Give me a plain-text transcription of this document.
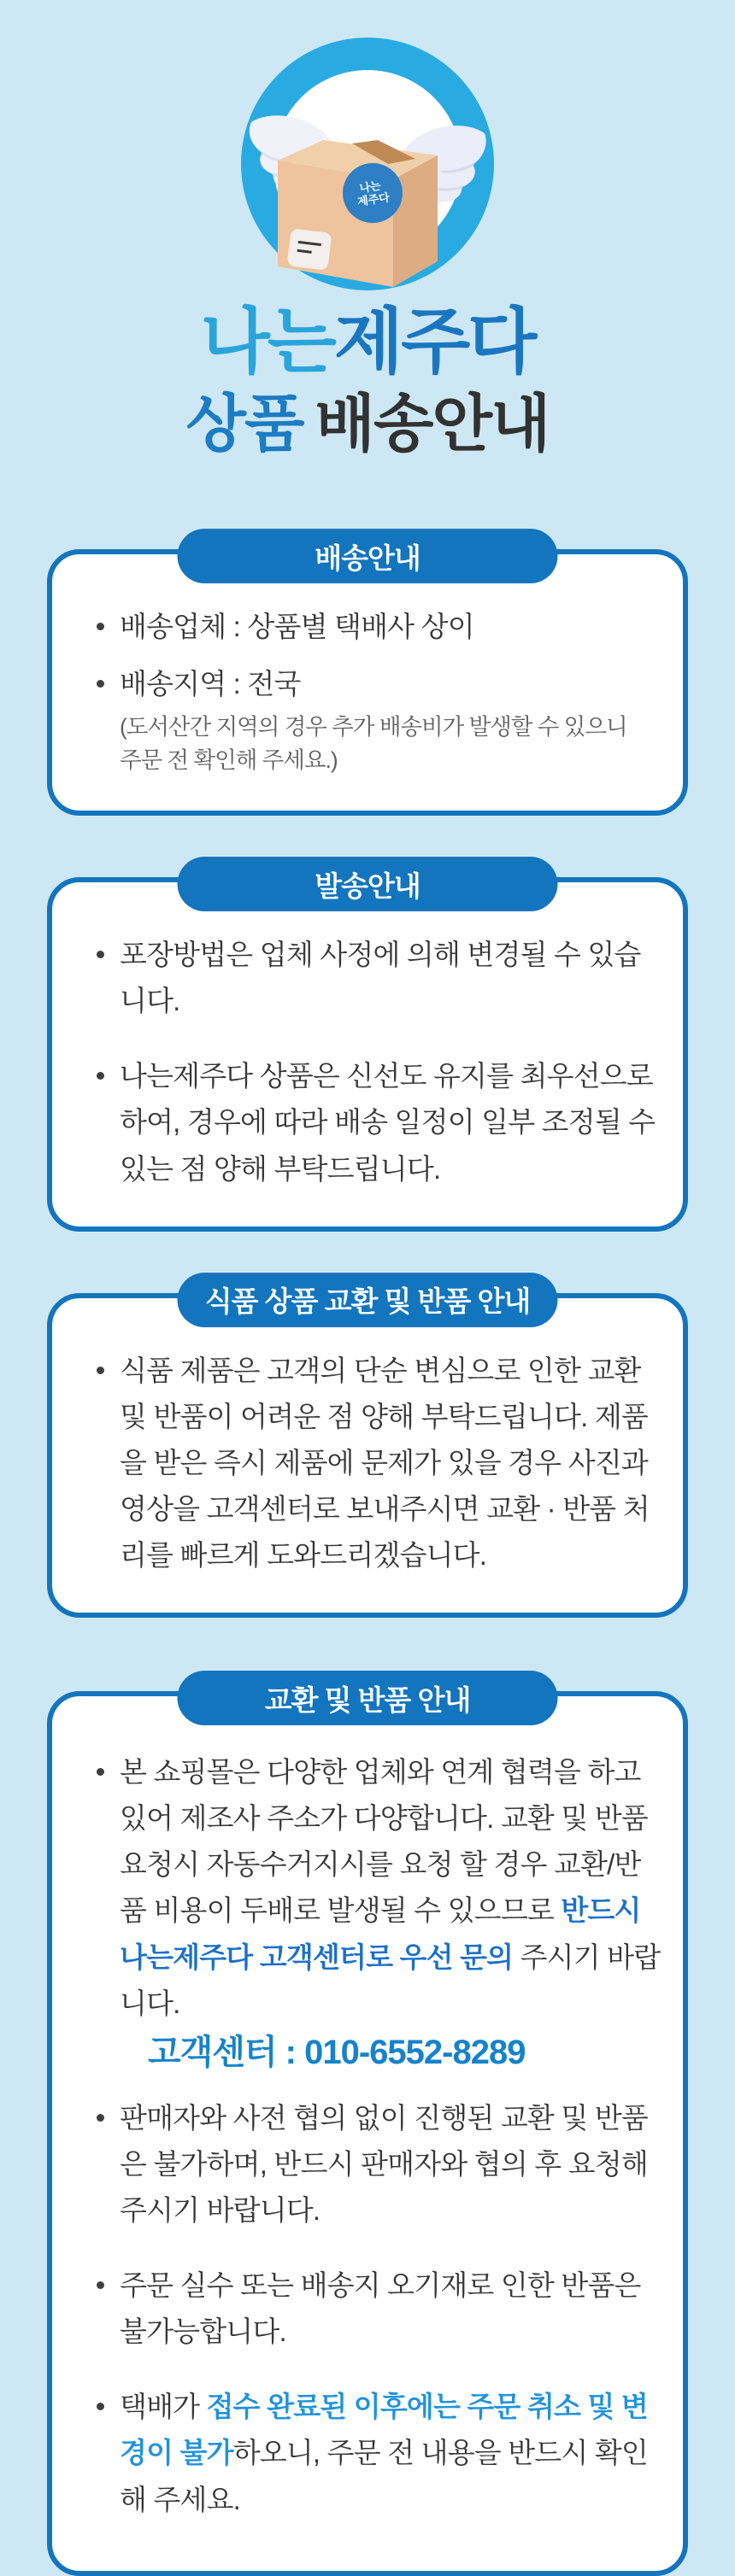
나는 제주다
나는제주다
상품 배송안내
배송안내
배송업체 : 상품별 택배사 상이
배송지역 : 전국
(도서산간 지역의 경우 추가 배송비가 발생할 수 있으니 주문 전 확인해 주세요.)
발송안내
포장방법은 업체 사정에 의해 변경될 수 있습니다.
나는제주다 상품은 신선도 유지를 최우선으로 하여, 경우에 따라 배송 일정이 일부 조정될 수 있는 점 양해 부탁드립니다.
식품 상품 교환 및 반품 안내
식품 제품은 고객의 단순 변심으로 인한 교환 및 반품이 어려운 점 양해 부탁드립니다. 제품을 받은 즉시 제품에 문제가 있을 경우 사진과 영상을 고객센터로 보내주시면 교환 · 반품 처리를 빠르게 도와드리겠습니다.
교환 및 반품 안내
본 쇼핑몰은 다양한 업체와 연계 협력을 하고있어 제조사 주소가 다양합니다. 교환 및 반품 요청시 자동수거지시를 요청 할 경우 교환/반품 비용이 두배로 발생될 수 있으므로 반드시 나는제주다 고객센터로 우선 문의 주시기 바랍니다.
고객센터 : 010-6552-8289
판매자와 사전 협의 없이 진행된 교환 및 반품은 불가하며, 반드시 판매자와 협의 후 요청해 주시기 바랍니다.
주문 실수 또는 배송지 오기재로 인한 반품은 불가능합니다.
택배가 접수 완료된 이후에는 주문 취소 및 변경이 불가하오니, 주문 전 내용을 반드시 확인해 주세요.
